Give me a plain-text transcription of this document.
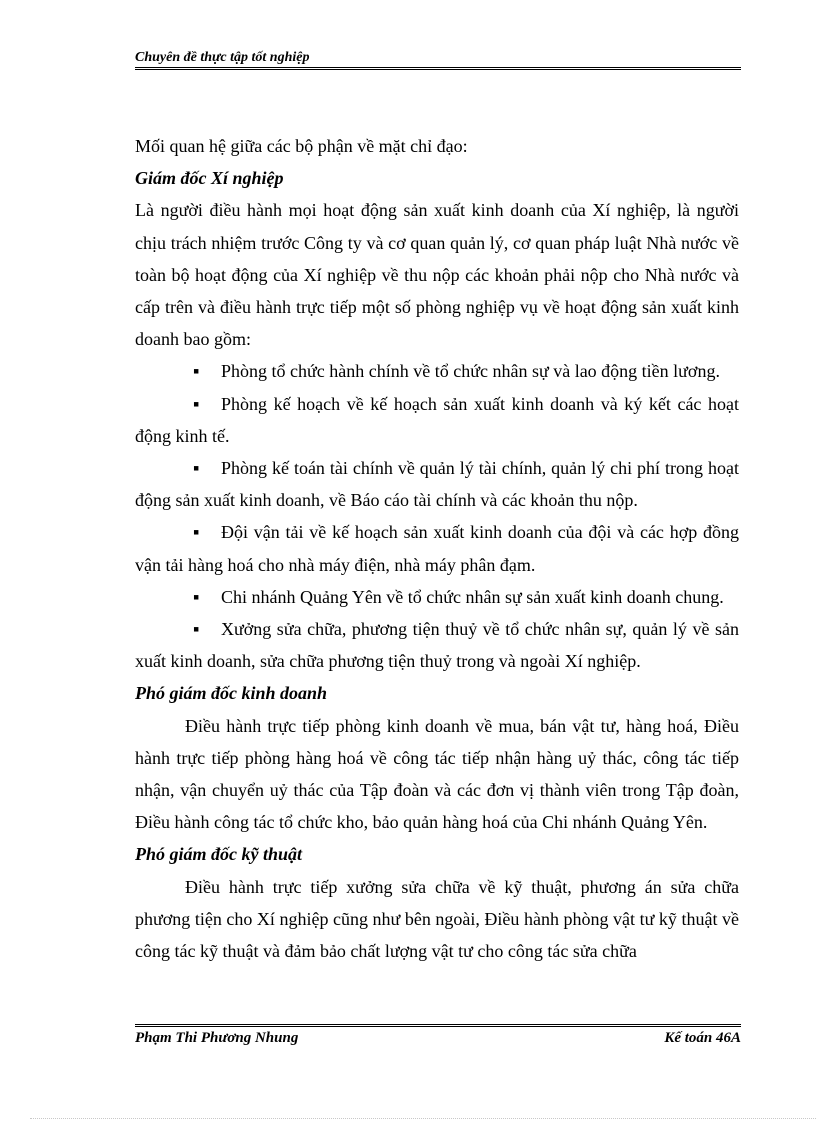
Chuyên đề thực tập tốt nghiệp

Mối quan hệ giữa các bộ phận về mặt chỉ đạo:

Giám đốc Xí nghiệp

Là người điều hành mọi hoạt động sản xuất kinh doanh của Xí nghiệp, là người chịu trách nhiệm trước Công ty và cơ quan quản lý, cơ quan pháp luật Nhà nước về toàn bộ hoạt động của Xí nghiệp về thu nộp các khoản phải nộp cho Nhà nước và cấp trên và điều hành trực tiếp một số phòng nghiệp vụ về hoạt động sản xuất kinh doanh bao gồm:

▪ Phòng tổ chức hành chính về tổ chức nhân sự và lao động tiền lương.

▪ Phòng kế hoạch về kế hoạch sản xuất kinh doanh và ký kết các hoạt động kinh tế.

▪ Phòng kế toán tài chính về quản lý tài chính, quản lý chi phí trong hoạt động sản xuất kinh doanh, về Báo cáo tài chính và các khoản thu nộp.

▪ Đội vận tải về kế hoạch sản xuất kinh doanh của đội và các hợp đồng vận tải hàng hoá cho nhà máy điện, nhà máy phân đạm.

▪ Chi nhánh Quảng Yên về tổ chức nhân sự sản xuất kinh doanh chung.

▪ Xưởng sửa chữa, phương tiện thuỷ về tổ chức nhân sự, quản lý về sản xuất kinh doanh, sửa chữa phương tiện thuỷ trong và ngoài Xí nghiệp.

Phó giám đốc kinh doanh

Điều hành trực tiếp phòng kinh doanh về mua, bán vật tư, hàng hoá, Điều hành trực tiếp phòng hàng hoá về công tác tiếp nhận hàng uỷ thác, công tác tiếp nhận, vận chuyển uỷ thác của Tập đoàn và các đơn vị thành viên trong Tập đoàn, Điều hành công tác tổ chức kho, bảo quản hàng hoá của Chi nhánh Quảng Yên.

Phó giám đốc kỹ thuật

Điều hành trực tiếp xưởng sửa chữa về kỹ thuật, phương án sửa chữa phương tiện cho Xí nghiệp cũng như bên ngoài, Điều hành phòng vật tư kỹ thuật về công tác kỹ thuật và đảm bảo chất lượng vật tư cho công tác sửa chữa

Phạm Thi Phương Nhung	Kế toán 46A
